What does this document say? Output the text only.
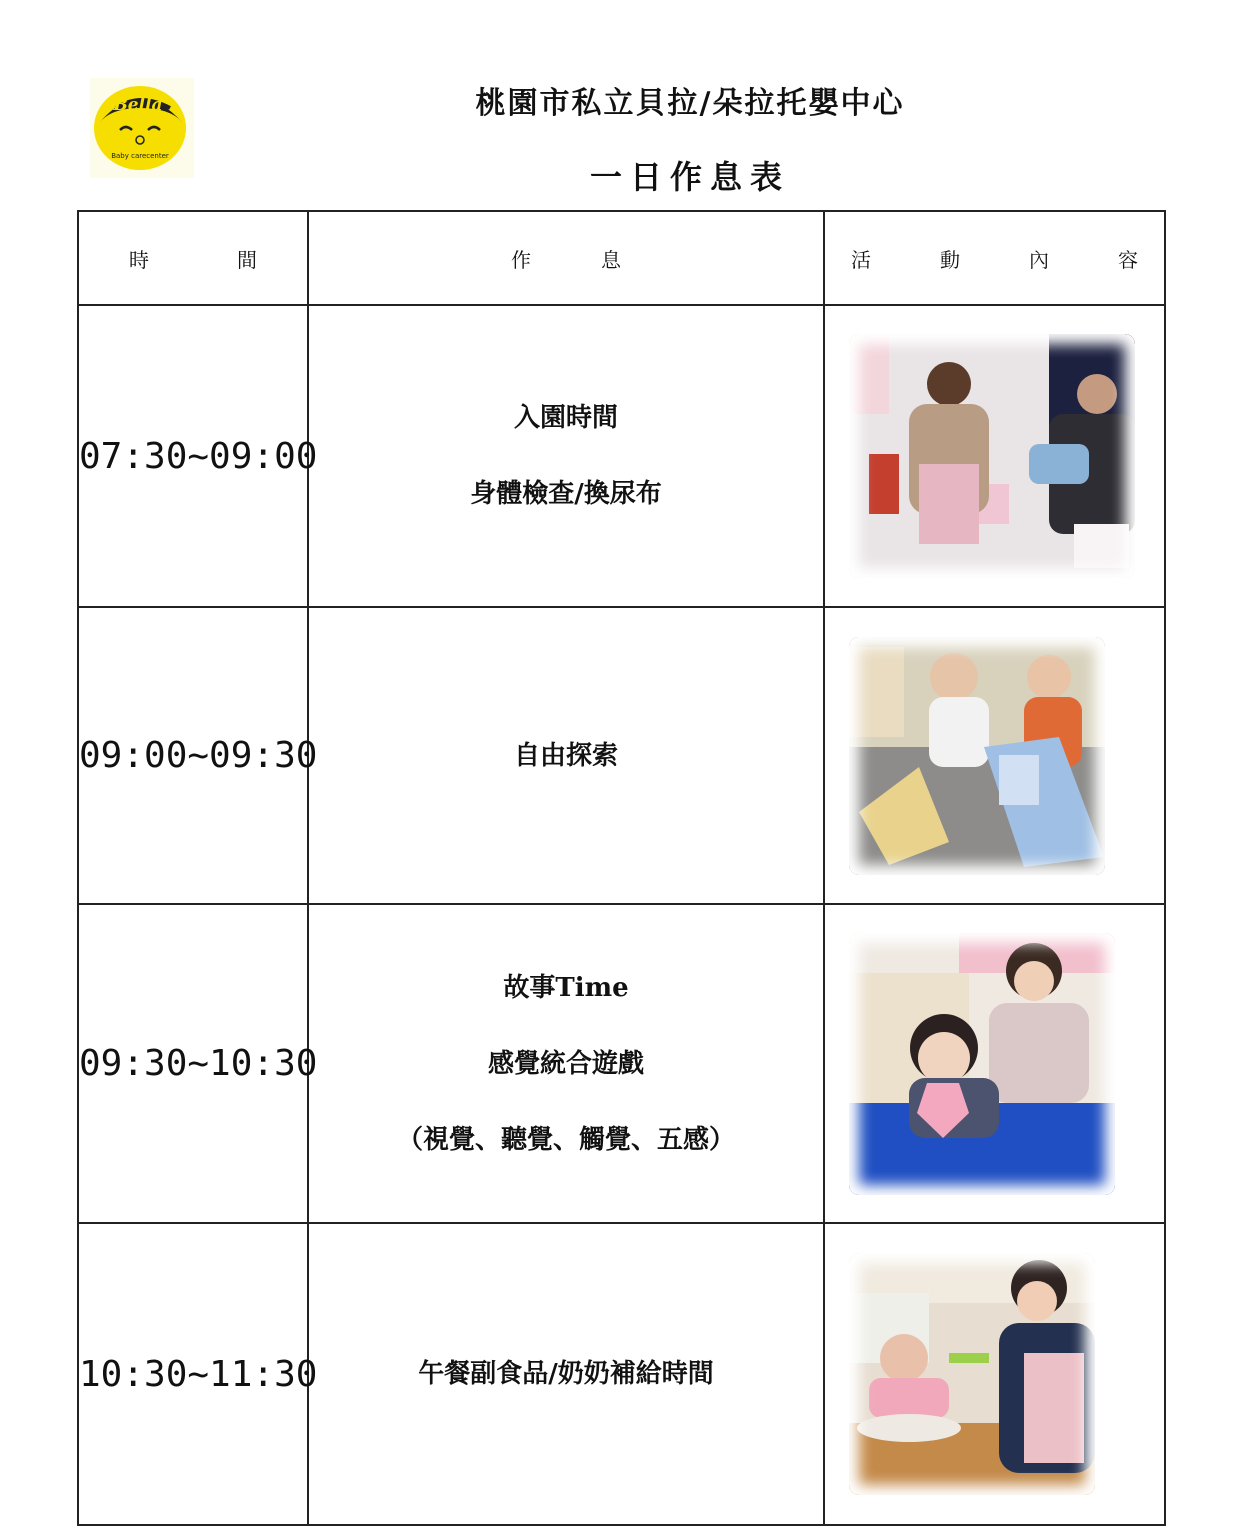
Bella
Baby carecenter
桃園市私立貝拉/朵拉托嬰中心
一日作息表
時 間	作 息	活 動 內 容

07:30~09:00	入園時間
身體檢查/換尿布

09:00~09:30	自由探索

09:30~10:30	故事Time
感覺統合遊戲
（視覺、聽覺、觸覺、五感）

10:30~11:30	午餐副食品/奶奶補給時間
